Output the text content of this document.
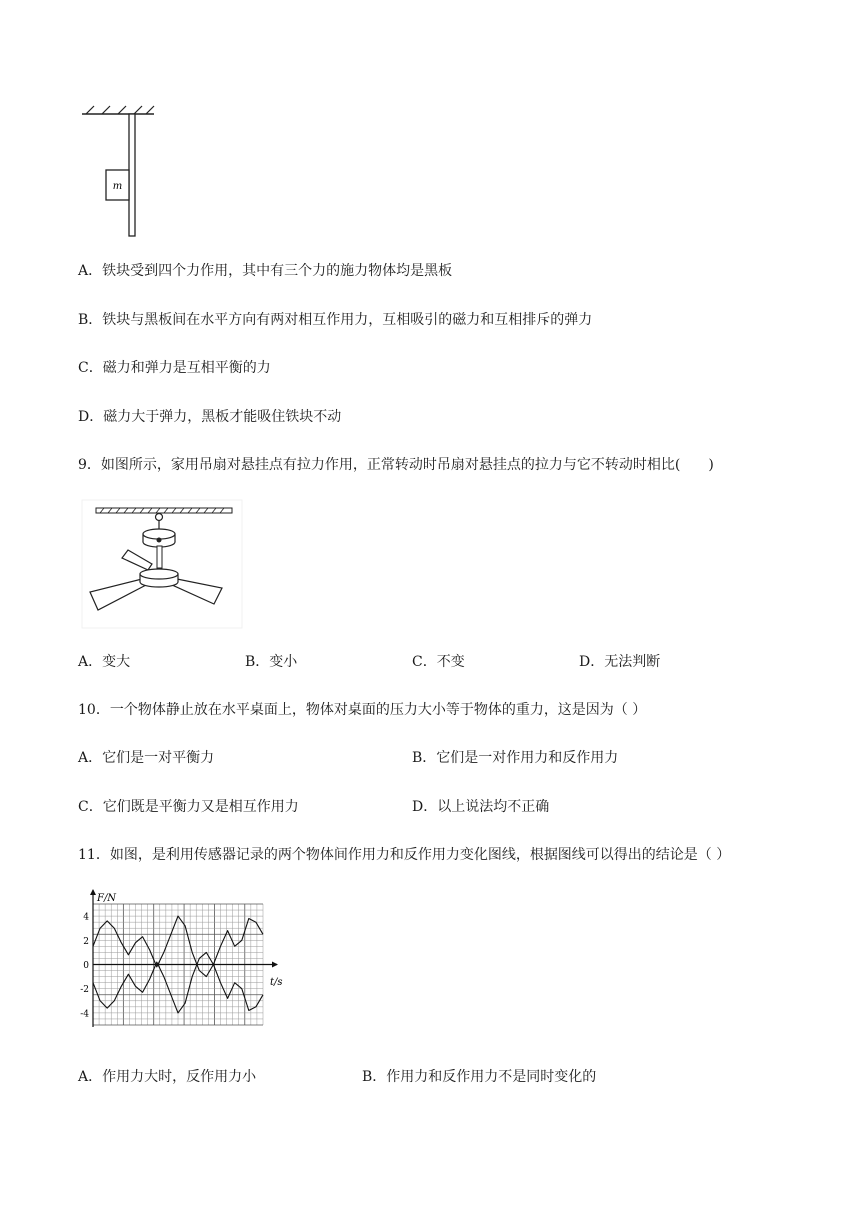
m
A．铁块受到四个力作用，其中有三个力的施力物体均是黑板
B．铁块与黑板间在水平方向有两对相互作用力，互相吸引的磁力和互相排斥的弹力
C．磁力和弹力是互相平衡的力
D．磁力大于弹力，黑板才能吸住铁块不动
9．如图所示，家用吊扇对悬挂点有拉力作用，正常转动时吊扇对悬挂点的拉力与它不转动时相比(　　)
A．变大	B．变小	C．不变	D．无法判断
10．一个物体静止放在水平桌面上，物体对桌面的压力大小等于物体的重力，这是因为（ ）
A．它们是一对平衡力	B．它们是一对作用力和反作用力
C．它们既是平衡力又是相互作用力	D．以上说法均不正确
11．如图，是利用传感器记录的两个物体间作用力和反作用力变化图线，根据图线可以得出的结论是（ ）
4
2
0
-2
-4
F/N
t/s
A．作用力大时，反作用力小	B．作用力和反作用力不是同时变化的
